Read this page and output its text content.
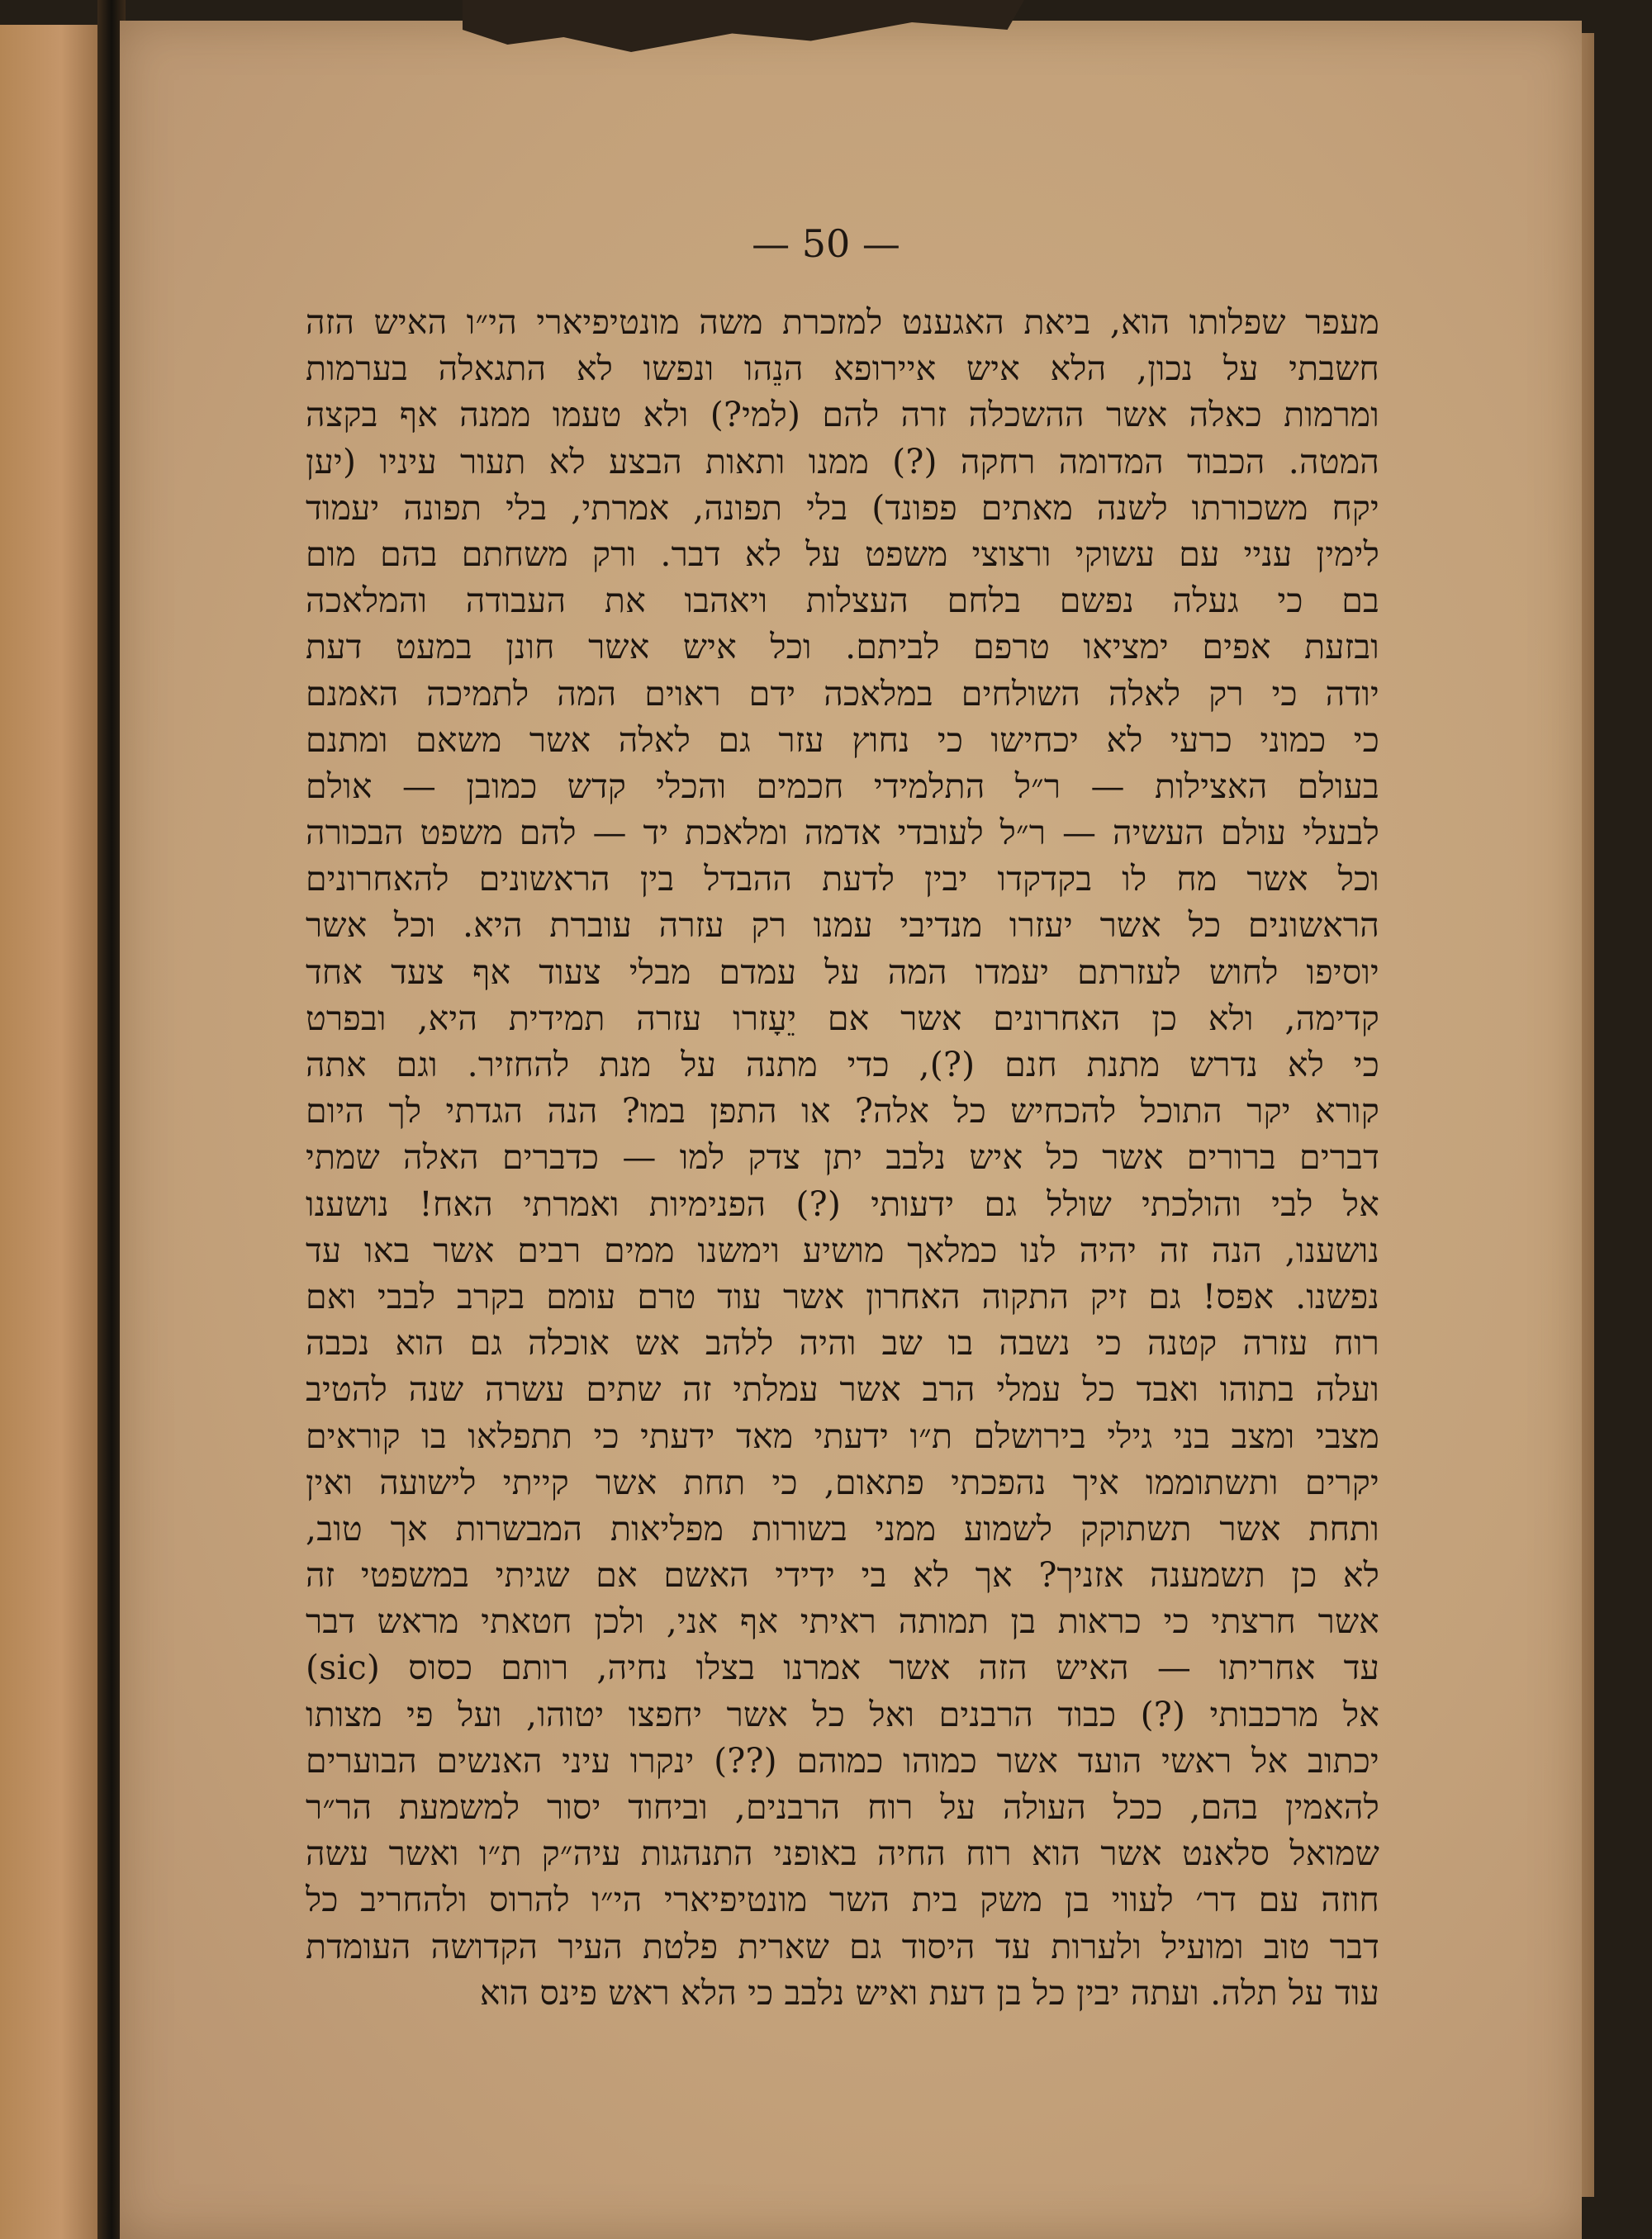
— 50 —
מעפר שפלותו הוא, ביאת האגענט למזכרת משה מונטיפיארי הי״ו האיש הזה
חשבתי על נכון, הלא איש איירופא הנֵהו ונפשו לא התגאלה בערמות
ומרמות כאלה אשר ההשכלה זרה להם (למי?) ולא טעמו ממנה אף בקצה
המטה. הכבוד המדומה רחקה (?) ממנו ותאות הבצע לא תעור עיניו (יען
יקח משכורתו לשנה מאתים פפונד) בלי תפונה, אמרתי, בלי תפונה יעמוד
לימין עניי עם עשוקי ורצוצי משפט על לא דבר. ורק משחתם בהם מום
בם כי געלה נפשם בלחם העצלות ויאהבו את העבודה והמלאכה
ובזעת אפים ימציאו טרפם לביתם. וכל איש אשר חונן במעט דעת
יודה כי רק לאלה השולחים במלאכה ידם ראוים המה לתמיכה האמנם
כי כמוני כרעי לא יכחישו כי נחוץ עזר גם לאלה אשר משאם ומתנם
בעולם האצילות — ר״ל התלמידי חכמים והכלי קדש כמובן — אולם
לבעלי עולם העשיה — ר״ל לעובדי אדמה ומלאכת יד — להם משפט הבכורה
וכל אשר מח לו בקדקדו יבין לדעת ההבדל בין הראשונים להאחרונים
הראשונים כל אשר יעזרו מנדיבי עמנו רק עזרה עוברת היא. וכל אשר
יוסיפו לחוש לעזרתם יעמדו המה על עמדם מבלי צעוד אף צעד אחד
קדימה, ולא כן האחרונים אשר אם יֵעָזרו עזרה תמידית היא, ובפרט
כי לא נדרש מתנת חנם (?), כדי מתנה על מנת להחזיר. וגם אתה
קורא יקר התוכל להכחיש כל אלה? או התפן במו? הנה הגדתי לך היום
דברים ברורים אשר כל איש נלבב יתן צדק למו — כדברים האלה שמתי
אל לבי והולכתי שולל גם ידעותי (?) הפנימיות ואמרתי האח! נושענו
נושענו, הנה זה יהיה לנו כמלאך מושיע וימשנו ממים רבים אשר באו עד
נפשנו. אפס! גם זיק התקוה האחרון אשר עוד טרם עומם בקרב לבבי ואם
רוח עזרה קטנה כי נשבה בו שב והיה ללהב אש אוכלה גם הוא נכבה
ועלה בתוהו ואבד כל עמלי הרב אשר עמלתי זה שתים עשרה שנה להטיב
מצבי ומצב בני גילי בירושלם ת״ו ידעתי מאד ידעתי כי תתפלאו בו קוראים
יקרים ותשתוממו איך נהפכתי פתאום, כי תחת אשר קייתי לישועה ואין
ותחת אשר תשתוקק לשמוע ממני בשורות מפליאות המבשרות אך טוב,
לא כן תשמענה אזניך? אך לא בי ידידי האשם אם שגיתי במשפטי זה
אשר חרצתי כי כראות בן תמותה ראיתי אף אני, ולכן חטאתי מראש דבר
עד אחריתו — האיש הזה אשר אמרנו בצלו נחיה, רותם כסוס (sic)
אל מרכבותי (?) כבוד הרבנים ואל כל אשר יחפצו יטוהו, ועל פי מצותו
יכתוב אל ראשי הועד אשר כמוהו כמוהם (??) ינקרו עיני האנשים הבוערים
להאמין בהם, ככל העולה על רוח הרבנים, וביחוד יסור למשמעת הר״ר
שמואל סלאנט אשר הוא רוח החיה באופני התנהגות עיה״ק ת״ו ואשר עשה
חוזה עם דר׳ לעווי בן משק בית השר מונטיפיארי הי״ו להרוס ולהחריב כל
דבר טוב ומועיל ולערות עד היסוד גם שארית פלטת העיר הקדושה העומדת
עוד על תלה. ועתה יבין כל בן דעת ואיש נלבב כי הלא ראש פינס הוא
